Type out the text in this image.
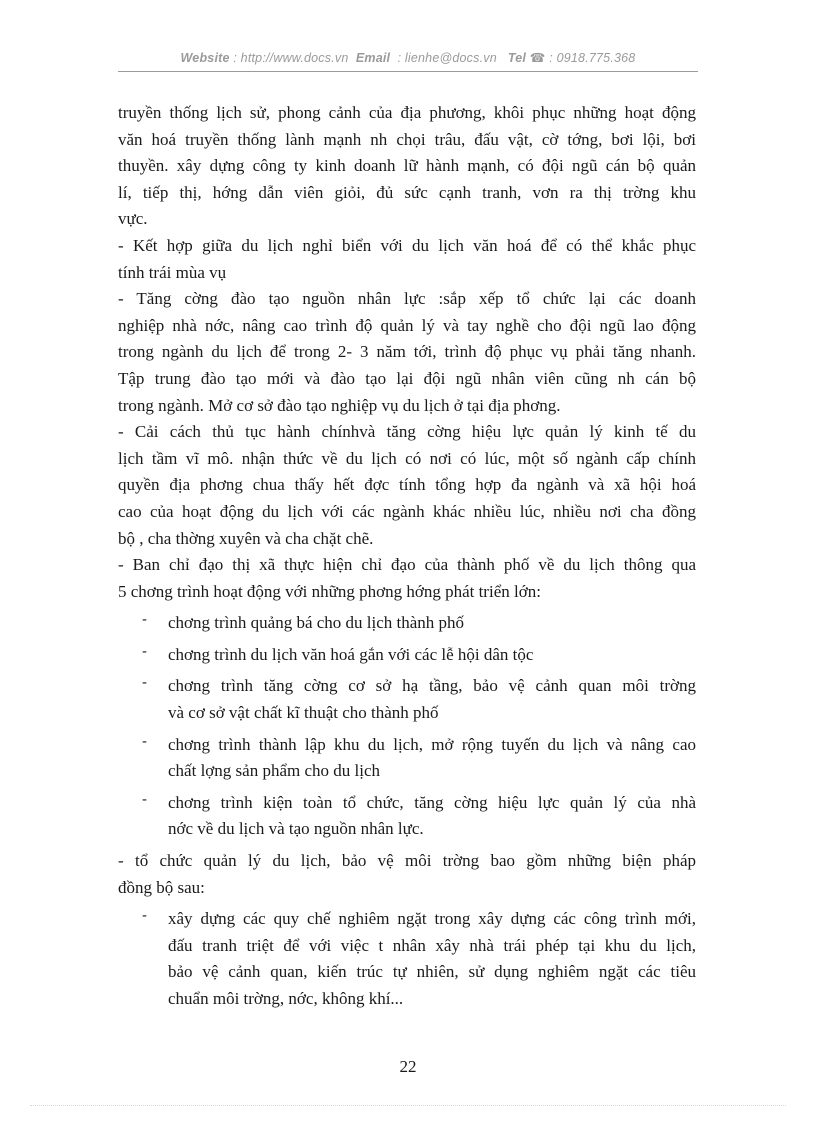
Website : http://www.docs.vn Email : lienhe@docs.vn Tel ☎ : 0918.775.368
truyền thống lịch sử, phong cảnh của địa phương, khôi phục những hoạt động
văn hoá truyền thống lành mạnh nh chọi trâu, đấu vật, cờ tớng, bơi lội, bơi
thuyền. xây dựng công ty kinh doanh lữ hành mạnh, có đội ngũ cán bộ quản
lí, tiếp thị, hớng dẫn viên giỏi, đủ sức cạnh tranh, vơn ra thị trờng khu
vực.
- Kết hợp giữa du lịch nghỉ biển với du lịch văn hoá để có thể khắc phục
tính trái mùa vụ
- Tăng cờng đào tạo nguồn nhân lực :sắp xếp tổ chức lại các doanh
nghiệp nhà nớc, nâng cao trình độ quản lý và tay nghề cho đội ngũ lao động
trong ngành du lịch để trong 2- 3 năm tới, trình độ phục vụ phải tăng nhanh.
Tập trung đào tạo mới và đào tạo lại đội ngũ nhân viên cũng nh cán bộ
trong ngành. Mở cơ sở đào tạo nghiệp vụ du lịch ở tại địa phơng.
- Cải cách thủ tục hành chínhvà tăng cờng hiệu lực quản lý kinh tế du
lịch tầm vĩ mô. nhận thức về du lịch có nơi có lúc, một số ngành cấp chính
quyền địa phơng chua thấy hết đợc tính tổng hợp đa ngành và xã hội hoá
cao của hoạt động du lịch với các ngành khác nhiều lúc, nhiều nơi cha đồng
bộ , cha thờng xuyên và cha chặt chẽ.
- Ban chỉ đạo thị xã thực hiện chỉ đạo của thành phố về du lịch thông qua
5 chơng trình hoạt động với những phơng hớng phát triển lớn:
- chơng trình quảng bá cho du lịch thành phố
- chơng trình du lịch văn hoá gắn với các lễ hội dân tộc
- chơng trình tăng cờng cơ sở hạ tầng, bảo vệ cảnh quan môi trờng
và cơ sở vật chất kĩ thuật cho thành phố
- chơng trình thành lập khu du lịch, mở rộng tuyến du lịch và nâng cao
chất lợng sản phẩm cho du lịch
- chơng trình kiện toàn tổ chức, tăng cờng hiệu lực quản lý của nhà
nớc về du lịch và tạo nguồn nhân lực.
- tổ chức quản lý du lịch, bảo vệ môi trờng bao gồm những biện pháp
đồng bộ sau:
- xây dựng các quy chế nghiêm ngặt trong xây dựng các công trình mới,
đấu tranh triệt để với việc t nhân xây nhà trái phép tại khu du lịch,
bảo vệ cảnh quan, kiến trúc tự nhiên, sử dụng nghiêm ngặt các tiêu
chuẩn môi trờng, nớc, không khí...
22
